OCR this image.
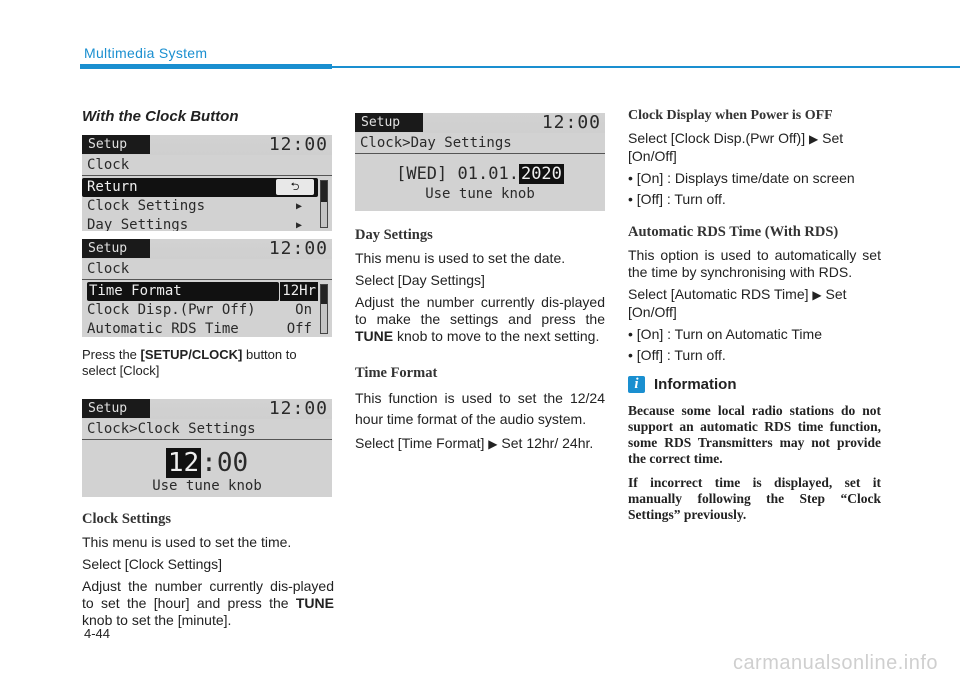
Multimedia System
With the Clock Button
Setup	12:00
Clock
Return	⮌
Clock Settings	▶
Day Settings	▶
Setup	12:00
Clock
Time Format	12Hr
Clock Disp.(Pwr Off)	On
Automatic RDS Time	Off
Press the [SETUP/CLOCK] button to select [Clock]
Setup	12:00
Clock>Clock Settings
12:00
Use tune knob
Clock Settings
This menu is used to set the time.
Select [Clock Settings]
Adjust the number currently dis-played to set the [hour] and press the TUNE knob to set the [minute].
Setup	12:00
Clock>Day Settings
[WED] 01.01. 2020
Use tune knob
Day Settings
This menu is used to set the date.
Select [Day Settings]
Adjust the number currently dis-played to make the settings and press the TUNE knob to move to the next setting.
Time Format
This function is used to set the 12/24 hour time format of the audio system.
Select [Time Format] ▶ Set 12hr/ 24hr.
Clock Display when Power is OFF
Select [Clock Disp.(Pwr Off)] ▶ Set [On/Off]
• [On] : Displays time/date on screen
• [Off] : Turn off.
Automatic RDS Time (With RDS)
This option is used to automatically set the time by synchronising with RDS.
Select [Automatic RDS Time] ▶ Set [On/Off]
• [On] : Turn on Automatic Time
• [Off] : Turn off.
i	Information
Because some local radio stations do not support an automatic RDS time function, some RDS Transmitters may not provide the correct time.
If incorrect time is displayed, set it manually following the Step “Clock Settings” previously.
4-44
carmanualsonline.info
